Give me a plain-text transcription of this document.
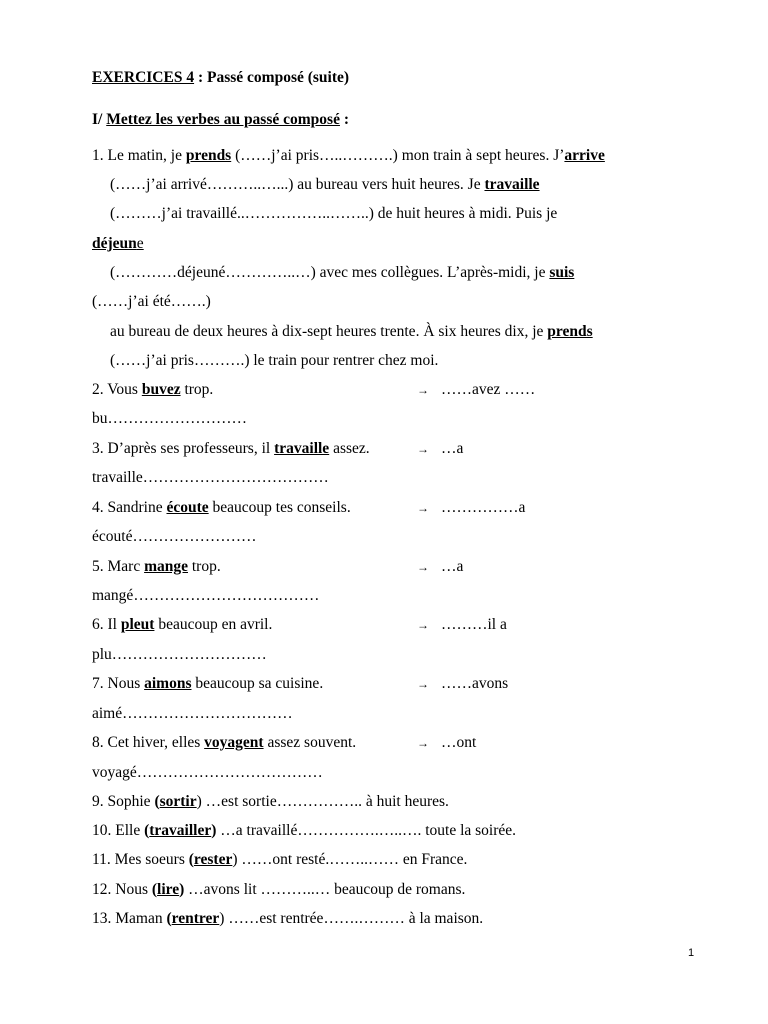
EXERCICES 4 : Passé composé (suite)
I/ Mettez les verbes au passé composé :
1. Le matin, je prends (……j’ai pris…..……….) mon train à sept heures. J’arrive
(……j’ai arrivé………..…...) au bureau vers huit heures. Je travaille
(………j’ai travaillé..……………..……..) de huit heures à midi. Puis je
déjeune
(…………déjeuné…………..…) avec mes collègues. L’après-midi, je suis
(……j’ai été…….)
au bureau de deux heures à dix-sept heures trente. À six heures dix, je prends
(……j’ai pris……….) le train pour rentrer chez moi.
2. Vous buvez trop.	→ ……avez ……
bu………………………
3. D’après ses professeurs, il travaille assez.	→ …a
travaille………………………………
4. Sandrine écoute beaucoup tes conseils.	→ ……………a
écouté……………………
5. Marc mange trop.	→ …a
mangé………………………………
6. Il pleut beaucoup en avril.	→ ………il a
plu…………………………
7. Nous aimons beaucoup sa cuisine.	→ ……avons
aimé……………………………
8. Cet hiver, elles voyagent assez souvent.	→ …ont
voyagé………………………………
9. Sophie (sortir) …est sortie…………….. à huit heures.
10. Elle (travailler) …a travaillé…………….…..…. toute la soirée.
11. Mes soeurs (rester) ……ont resté.……..…… en France.
12. Nous (lire) …avons lit ………..… beaucoup de romans.
13. Maman (rentrer) ……est rentrée…….……… à la maison.
1
